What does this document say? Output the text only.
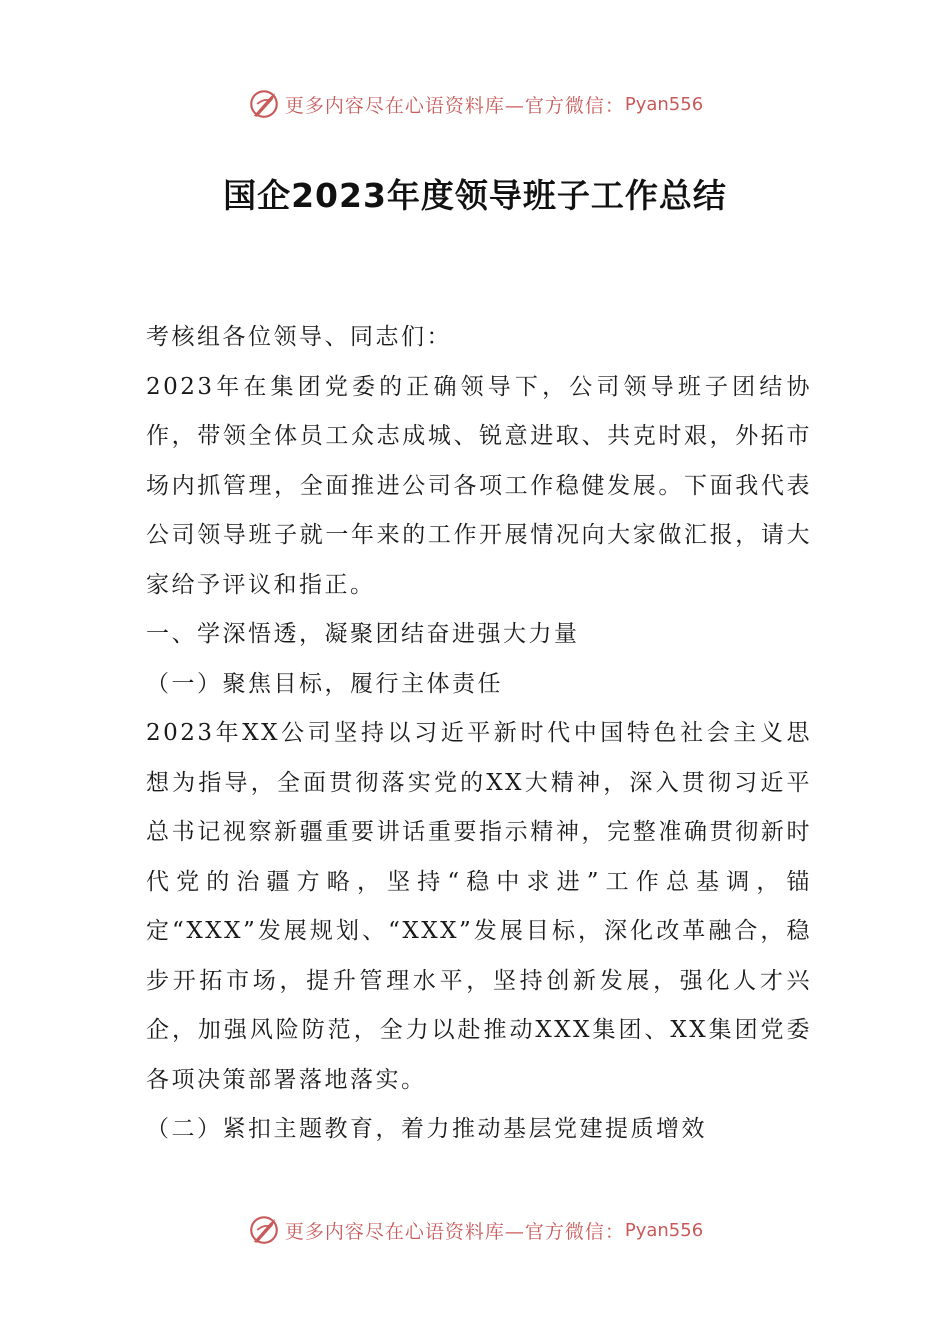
更多内容尽在心语资料库—官方微信： Pyan556
国企2023年度领导班子工作总结

考核组各位领导、同志们：

2023年在集团党委的正确领导下，公司领导班子团结协作，带领全体员工众志成城、锐意进取、共克时艰，外拓市场内抓管理，全面推进公司各项工作稳健发展。下面我代表公司领导班子就一年来的工作开展情况向大家做汇报，请大家给予评议和指正。

一、学深悟透，凝聚团结奋进强大力量

（一）聚焦目标，履行主体责任

2023年XX公司坚持以习近平新时代中国特色社会主义思想为指导，全面贯彻落实党的XX大精神，深入贯彻习近平总书记视察新疆重要讲话重要指示精神，完整准确贯彻新时代党的治疆方略，坚持“稳中求进”工作总基调，锚定“XXX”发展规划、“XXX”发展目标，深化改革融合，稳步开拓市场，提升管理水平，坚持创新发展，强化人才兴企，加强风险防范，全力以赴推动XXX集团、XX集团党委各项决策部署落地落实。

（二）紧扣主题教育，着力推动基层党建提质增效

更多内容尽在心语资料库—官方微信： Pyan556
